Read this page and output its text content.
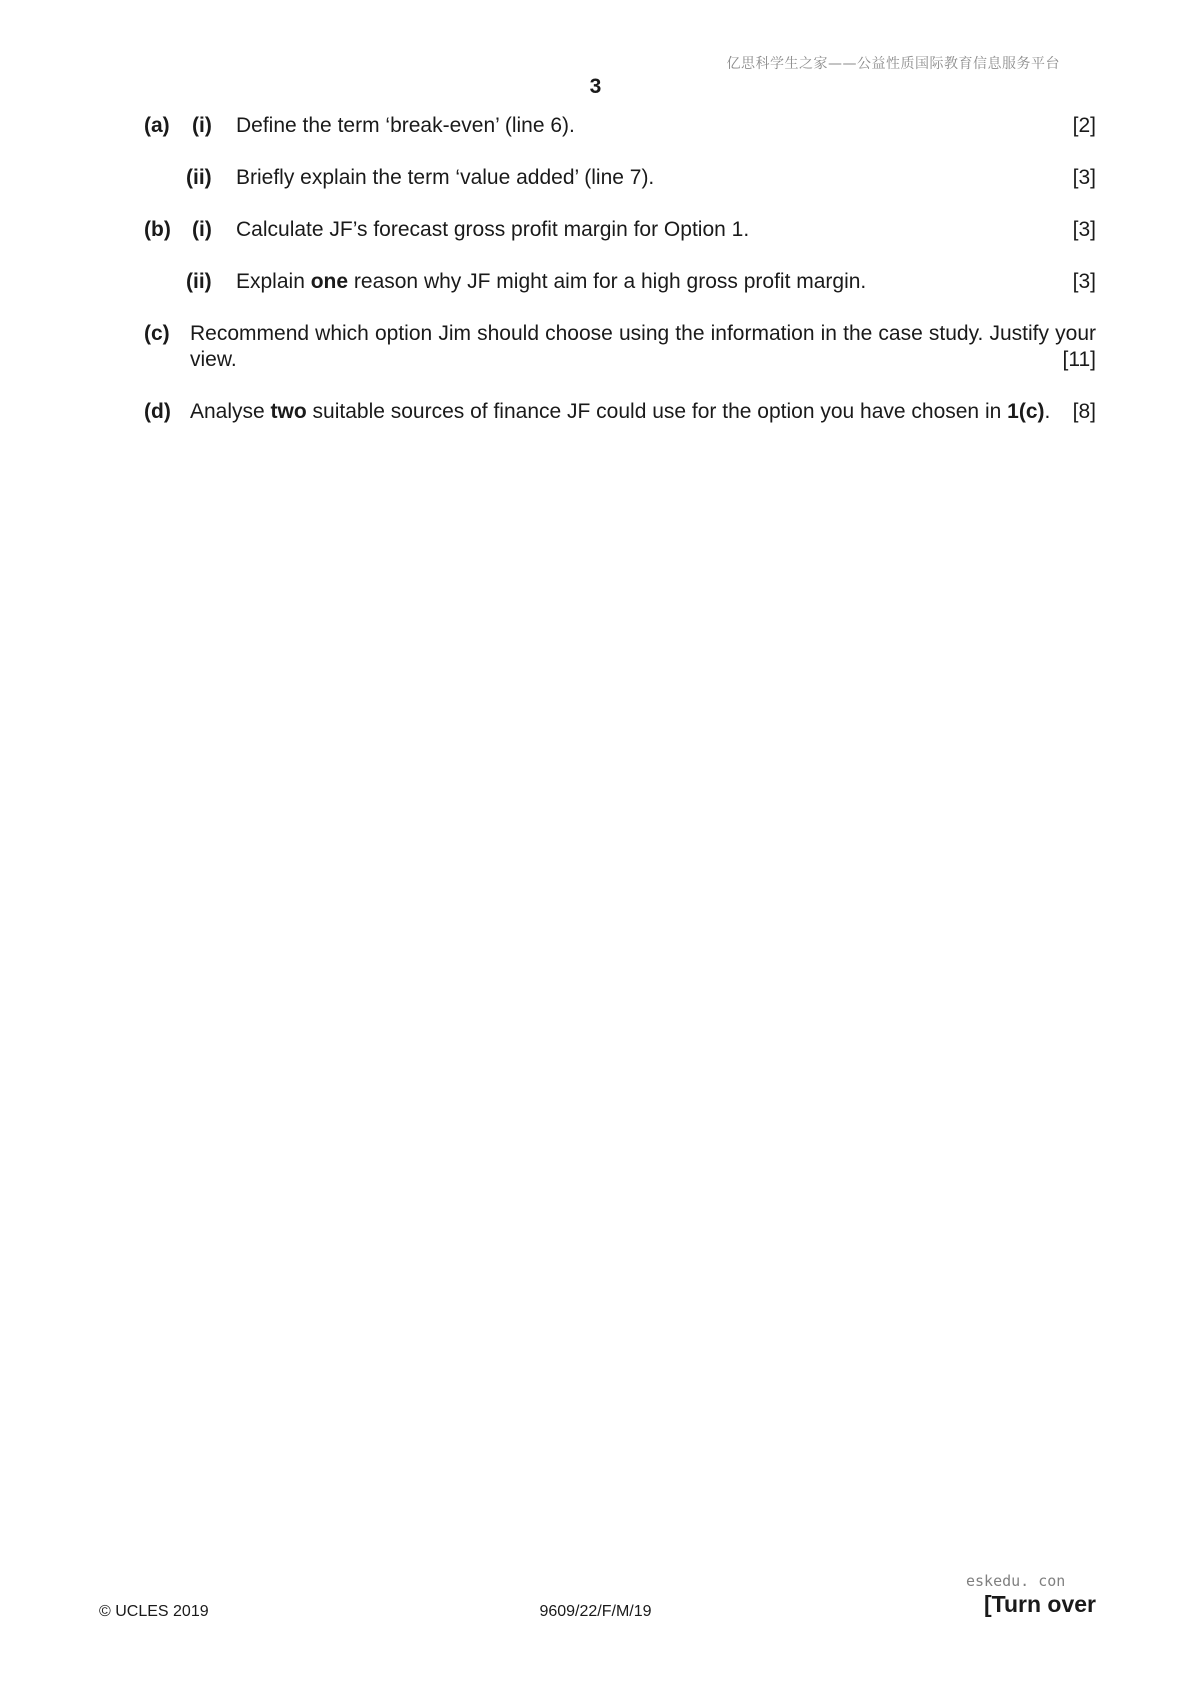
亿思科学生之家——公益性质国际教育信息服务平台
3
(a) (i) Define the term ‘break-even’ (line 6).	[2]
(ii) Briefly explain the term ‘value added’ (line 7).	[3]
(b) (i) Calculate JF’s forecast gross profit margin for Option 1.	[3]
(ii) Explain one reason why JF might aim for a high gross profit margin.	[3]
(c) Recommend which option Jim should choose using the information in the case study. Justify your view.	[11]
(d) Analyse two suitable sources of finance JF could use for the option you have chosen in 1(c). [8]
© UCLES 2019	9609/22/F/M/19
eskedu. con
[Turn over
